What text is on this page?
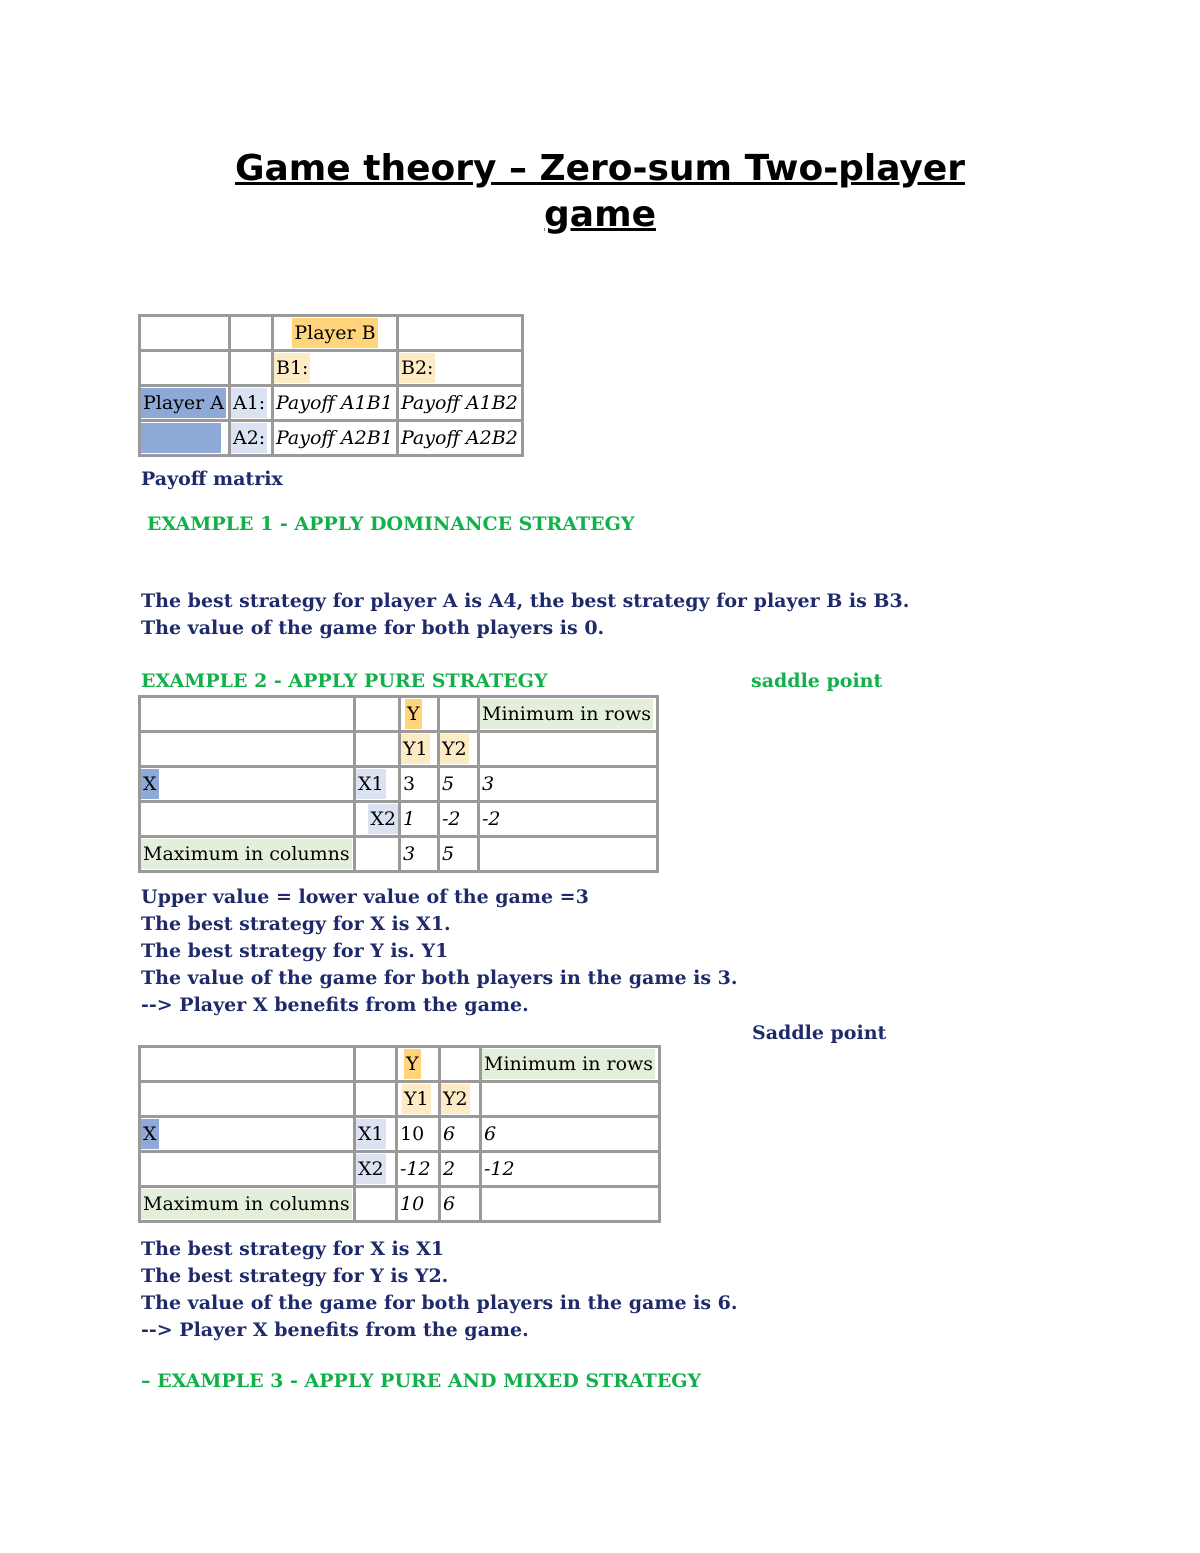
Game theory – Zero-sum Two-player
game
		Player B	
		B1:	B2:
Player A	A1:	Payoff A1B1	Payoff A1B2
	A2:	Payoff A2B1	Payoff A2B2
Payoff matrix
EXAMPLE 1 - APPLY DOMINANCE STRATEGY
The best strategy for player A is A4, the best strategy for player B is B3.
The value of the game for both players is 0.
EXAMPLE 2 - APPLY PURE STRATEGY	saddle point
		Y		Minimum in rows
		Y1	Y2	
X	X1	3	5	3
	X2	1	-2	-2
Maximum in columns		3	5	
Upper value = lower value of the game =3
The best strategy for X is X1.
The best strategy for Y is. Y1
The value of the game for both players in the game is 3.
--> Player X benefits from the game.
Saddle point
		Y		Minimum in rows
		Y1	Y2	
X	X1	10	6	6
	X2	-12	2	-12
Maximum in columns		10	6	
The best strategy for X is X1
The best strategy for Y is Y2.
The value of the game for both players in the game is 6.
--> Player X benefits from the game.
– EXAMPLE 3 - APPLY PURE AND MIXED STRATEGY
